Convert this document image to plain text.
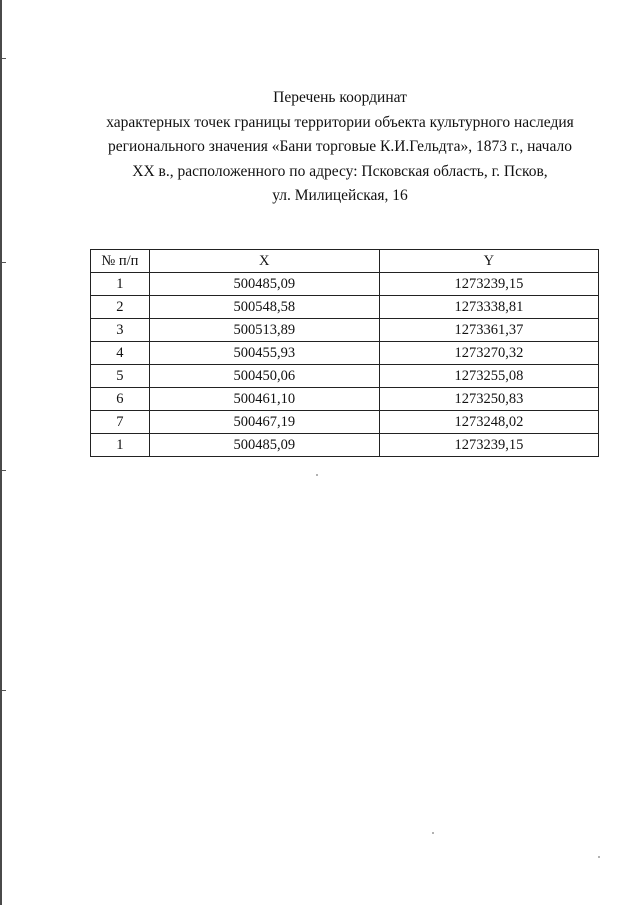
Перечень координат
характерных точек границы территории объекта культурного наследия
регионального значения «Бани торговые К.И.Гельдта», 1873 г., начало
XX в., расположенного по адресу: Псковская область, г. Псков,
ул. Милицейская, 16
№ п/п	X	Y
1	500485,09	1273239,15
2	500548,58	1273338,81
3	500513,89	1273361,37
4	500455,93	1273270,32
5	500450,06	1273255,08
6	500461,10	1273250,83
7	500467,19	1273248,02
1	500485,09	1273239,15
